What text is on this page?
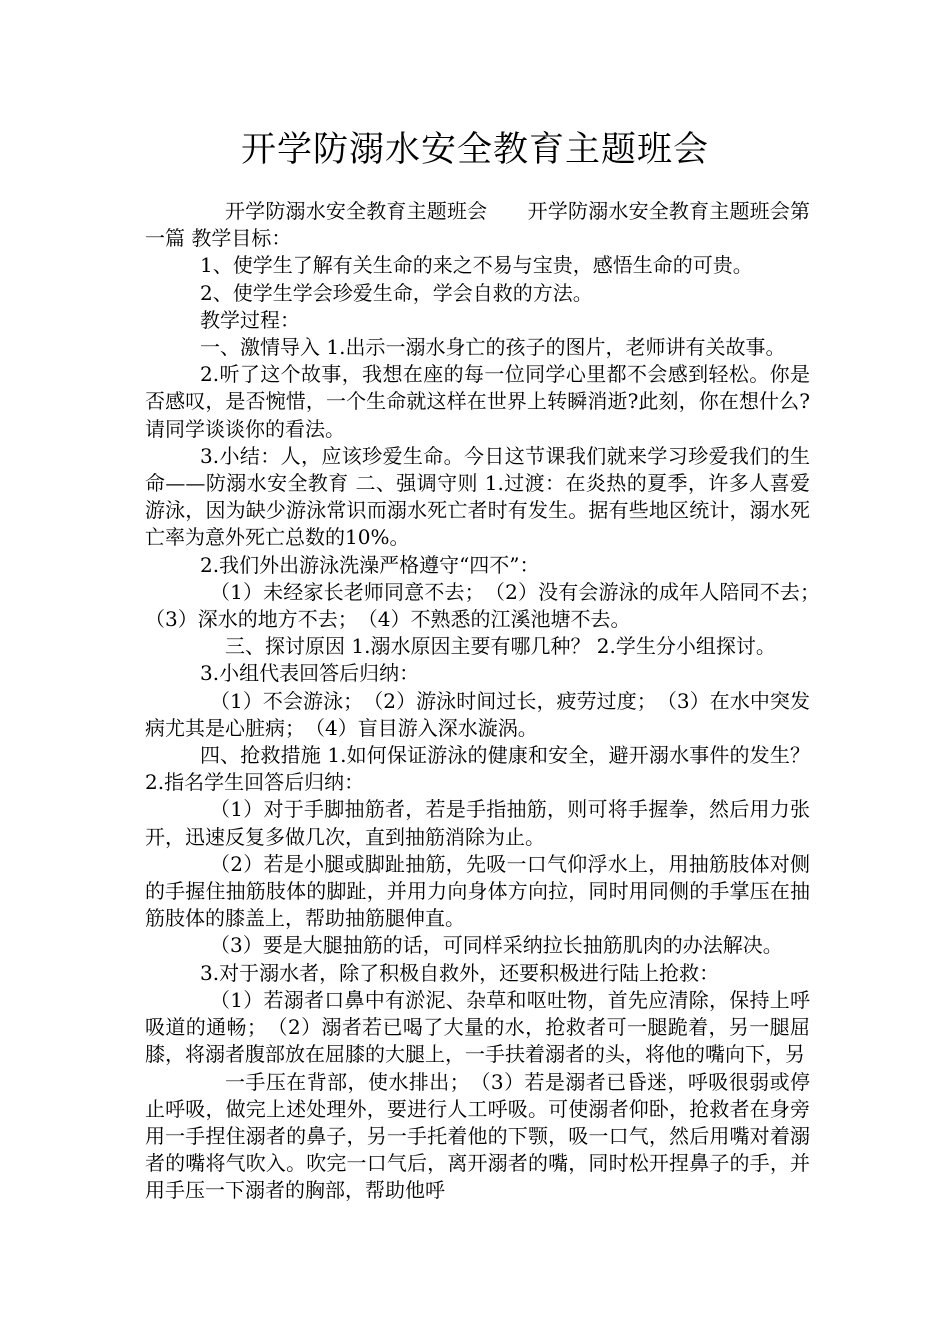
开学防溺水安全教育主题班会

开学防溺水安全教育主题班会　　开学防溺水安全教育主题班会第一篇 教学目标：

1、使学生了解有关生命的来之不易与宝贵，感悟生命的可贵。

2、使学生学会珍爱生命，学会自救的方法。

教学过程：

一、激情导入 1.出示一溺水身亡的孩子的图片，老师讲有关故事。

2.听了这个故事，我想在座的每一位同学心里都不会感到轻松。你是否感叹，是否惋惜，一个生命就这样在世界上转瞬消逝?此刻，你在想什么?请同学谈谈你的看法。

3.小结：人，应该珍爱生命。今日这节课我们就来学习珍爱我们的生命——防溺水安全教育 二、强调守则 1.过渡：在炎热的夏季，许多人喜爱游泳，因为缺少游泳常识而溺水死亡者时有发生。据有些地区统计，溺水死亡率为意外死亡总数的10%。

2.我们外出游泳洗澡严格遵守“四不”：

（1）未经家长老师同意不去；　（2）没有会游泳的成年人陪同不去；　（3）深水的地方不去；　（4）不熟悉的江溪池塘不去。

三、探讨原因 1.溺水原因主要有哪几种？ 2.学生分小组探讨。

3.小组代表回答后归纳：

（1）不会游泳；　（2）游泳时间过长，疲劳过度；　（3）在水中突发病尤其是心脏病；　（4）盲目游入深水漩涡。

四、抢救措施 1.如何保证游泳的健康和安全，避开溺水事件的发生？ 2.指名学生回答后归纳：

（1）对于手脚抽筋者，若是手指抽筋，则可将手握拳，然后用力张开，迅速反复多做几次，直到抽筋消除为止。

（2）若是小腿或脚趾抽筋，先吸一口气仰浮水上，用抽筋肢体对侧的手握住抽筋肢体的脚趾，并用力向身体方向拉，同时用同侧的手掌压在抽筋肢体的膝盖上，帮助抽筋腿伸直。

（3）要是大腿抽筋的话，可同样采纳拉长抽筋肌肉的办法解决。

3.对于溺水者，除了积极自救外，还要积极进行陆上抢救：

（1）若溺者口鼻中有淤泥、杂草和呕吐物，首先应清除，保持上呼吸道的通畅；　（2）溺者若已喝了大量的水，抢救者可一腿跪着，另一腿屈膝，将溺者腹部放在屈膝的大腿上，一手扶着溺者的头，将他的嘴向下，另

一手压在背部，使水排出；　（3）若是溺者已昏迷，呼吸很弱或停止呼吸，做完上述处理外，要进行人工呼吸。可使溺者仰卧，抢救者在身旁用一手捏住溺者的鼻子，另一手托着他的下颚，吸一口气，然后用嘴对着溺者的嘴将气吹入。吹完一口气后，离开溺者的嘴，同时松开捏鼻子的手，并用手压一下溺者的胸部，帮助他呼
